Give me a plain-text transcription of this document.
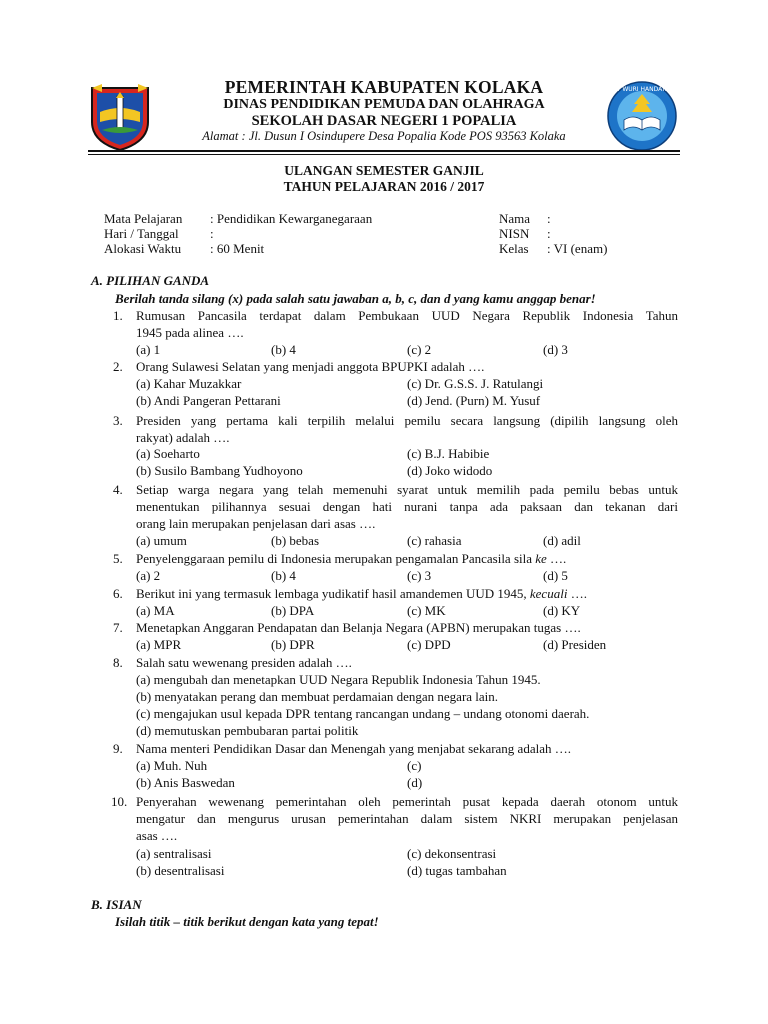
TUT WURI HANDAYANI
PEMERINTAH KABUPATEN KOLAKA
DINAS PENDIDIKAN PEMUDA DAN OLAHRAGA
SEKOLAH DASAR NEGERI 1 POPALIA
Alamat : Jl. Dusun I Osindupere Desa Popalia Kode POS 93563 Kolaka
ULANGAN SEMESTER GANJIL
TAHUN PELAJARAN 2016 / 2017
Mata Pelajaran : Pendidikan Kewarganegaraan
Hari / Tanggal :
Alokasi Waktu : 60 Menit
Nama :
NISN :
Kelas : VI (enam)
A. PILIHAN GANDA
Berilah tanda silang (x) pada salah satu jawaban a, b, c, dan d yang kamu anggap benar!
1. Rumusan Pancasila terdapat dalam Pembukaan UUD Negara Republik Indonesia Tahun
1945 pada alinea ….
(a) 1	(b) 4	(c) 2	(d) 3
2. Orang Sulawesi Selatan yang menjadi anggota BPUPKI adalah ….
(a) Kahar Muzakkar	(c) Dr. G.S.S. J. Ratulangi
(b) Andi Pangeran Pettarani	(d) Jend. (Purn) M. Yusuf
3. Presiden yang pertama kali terpilih melalui pemilu secara langsung (dipilih langsung oleh
rakyat) adalah ….
(a) Soeharto	(c) B.J. Habibie
(b) Susilo Bambang Yudhoyono	(d) Joko widodo
4. Setiap warga negara yang telah memenuhi syarat untuk memilih pada pemilu bebas untuk
menentukan pilihannya sesuai dengan hati nurani tanpa ada paksaan dan tekanan dari
orang lain merupakan penjelasan dari asas ….
(a) umum	(b) bebas	(c) rahasia	(d) adil
5. Penyelenggaraan pemilu di Indonesia merupakan pengamalan Pancasila sila ke ….
(a) 2	(b) 4	(c) 3	(d) 5
6. Berikut ini yang termasuk lembaga yudikatif hasil amandemen UUD 1945, kecuali ….
(a) MA	(b) DPA	(c) MK	(d) KY
7. Menetapkan Anggaran Pendapatan dan Belanja Negara (APBN) merupakan tugas ….
(a) MPR	(b) DPR	(c) DPD	(d) Presiden
8. Salah satu wewenang presiden adalah ….
(a) mengubah dan menetapkan UUD Negara Republik Indonesia Tahun 1945.
(b) menyatakan perang dan membuat perdamaian dengan negara lain.
(c) mengajukan usul kepada DPR tentang rancangan undang – undang otonomi daerah.
(d) memutuskan pembubaran partai politik
9. Nama menteri Pendidikan Dasar dan Menengah yang menjabat sekarang adalah ….
(a) Muh. Nuh	(c)
(b) Anis Baswedan	(d)
10. Penyerahan wewenang pemerintahan oleh pemerintah pusat kepada daerah otonom untuk
mengatur dan mengurus urusan pemerintahan dalam sistem NKRI merupakan penjelasan
asas ….
(a) sentralisasi	(c) dekonsentrasi
(b) desentralisasi	(d) tugas tambahan
B. ISIAN
Isilah titik – titik berikut dengan kata yang tepat!
